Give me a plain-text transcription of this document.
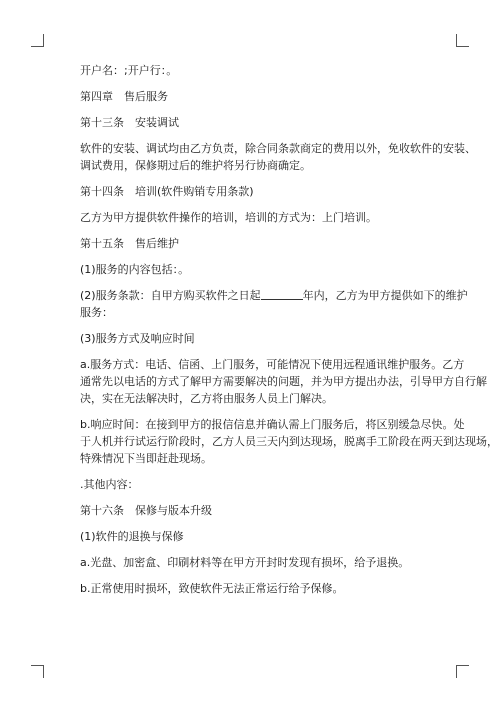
开户名：;开户行：。

第四章　售后服务

第十三条　安装调试

软件的安装、调试均由乙方负责，除合同条款商定的费用以外，免收软件的安装、
调试费用，保修期过后的维护将另行协商确定。

第十四条　培训(软件购销专用条款)

乙方为甲方提供软件操作的培训，培训的方式为：上门培训。

第十五条　售后维护

(1)服务的内容包括：。

(2)服务条款：自甲方购买软件之日起	年内，乙方为甲方提供如下的维护
服务：

(3)服务方式及响应时间

a.服务方式：电话、信函、上门服务，可能情况下使用远程通讯维护服务。乙方
通常先以电话的方式了解甲方需要解决的问题，并为甲方提出办法，引导甲方自行解
决，实在无法解决时，乙方将由服务人员上门解决。

b.响应时间：在接到甲方的报信信息并确认需上门服务后，将区别缓急尽快。处
于人机并行试运行阶段时，乙方人员三天内到达现场，脱离手工阶段在两天到达现场，
特殊情况下当即赶赴现场。

.其他内容：

第十六条　保修与版本升级

(1)软件的退换与保修

a.光盘、加密盒、印刷材料等在甲方开封时发现有损坏，给予退换。

b.正常使用时损坏，致使软件无法正常运行给予保修。
